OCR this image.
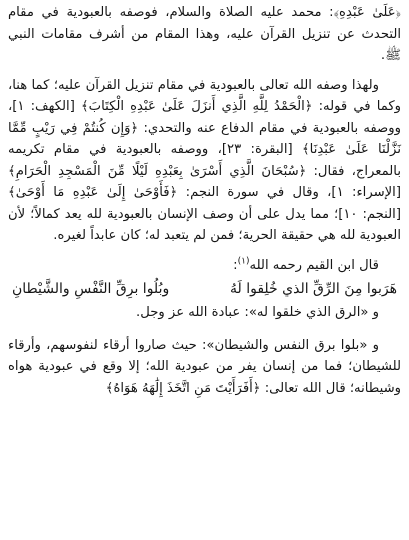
﴿عَلَىٰ عَبْدِهِ﴾: محمد عليه الصلاة والسلام، فوصفه بالعبودية في مقام التحدث عن تنزيل القرآن عليه، وهذا المقام من أشرف مقامات النبي ﷺ.

ولهذا وصفه الله تعالى بالعبودية في مقام تنزيل القرآن عليه؛ كما هنا، وكما في قوله: ﴿الْحَمْدُ لِلَّهِ الَّذِي أَنزَلَ عَلَىٰ عَبْدِهِ الْكِتَابَ﴾ [الكهف: ١]، ووصفه بالعبودية في مقام الدفاع عنه والتحدي: ﴿وَإِن كُنتُمْ فِي رَيْبٍ مِّمَّا نَزَّلْنَا عَلَىٰ عَبْدِنَا﴾ [البقرة: ٢٣]، ووصفه بالعبودية في مقام تكريمه بالمعراج، فقال: ﴿سُبْحَانَ الَّذِي أَسْرَىٰ بِعَبْدِهِ لَيْلًا مِّنَ الْمَسْجِدِ الْحَرَامِ﴾ [الإسراء: ١]، وقال في سورة النجم: ﴿فَأَوْحَىٰ إِلَىٰ عَبْدِهِ مَا أَوْحَىٰ﴾ [النجم: ١٠]؛ مما يدل على أن وصف الإنسان بالعبودية لله يعد كمالاً؛ لأن العبودية لله هي حقيقة الحرية؛ فمن لم يتعبد له؛ كان عابداً لغيره.

قال ابن القيم رحمه الله$^{(١)}$:

هَرَبوا مِنَ الرِّقِّ الذي خُلِقوا لَهُ
وبُلُوا برِقِّ النَّفْسِ والشَّيْطانِ

و «الرق الذي خلقوا له»: عبادة الله عز وجل.

و «بلوا برق النفس والشيطان»: حيث صاروا أرقاء لنفوسهم، وأرقاء للشيطان؛ فما من إنسان يفر من عبودية الله؛ إلا وقع في عبودية هواه وشيطانه؛ قال الله تعالى: ﴿أَفَرَأَيْتَ مَنِ اتَّخَذَ إِلَٰهَهُ هَوَاهُ﴾
